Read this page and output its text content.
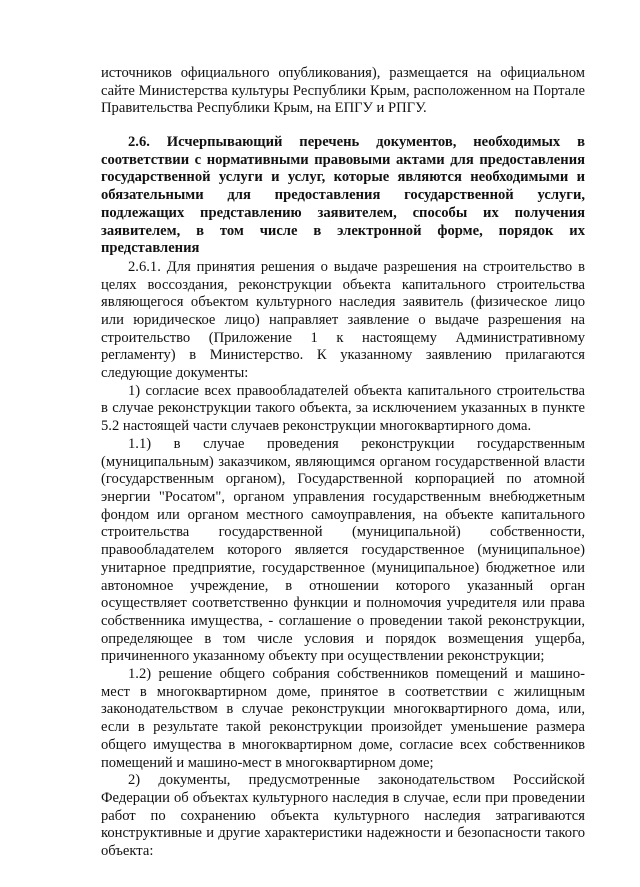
источников официального опубликования), размещается на официальном
сайте Министерства культуры Республики Крым, расположенном на Портале
Правительства Республики Крым, на ЕПГУ и РПГУ.
2.6. Исчерпывающий перечень документов, необходимых в
соответствии с нормативными правовыми актами для предоставления
государственной услуги и услуг, которые являются необходимыми и
обязательными для предоставления государственной услуги,
подлежащих представлению заявителем, способы их получения
заявителем, в том числе в электронной форме, порядок их
представления
2.6.1. Для принятия решения о выдаче разрешения на строительство в
целях воссоздания, реконструкции объекта капитального строительства
являющегося объектом культурного наследия заявитель (физическое лицо
или юридическое лицо) направляет заявление о выдаче разрешения на
строительство (Приложение 1 к настоящему Административному
регламенту) в Министерство. К указанному заявлению прилагаются
следующие документы:
1) согласие всех правообладателей объекта капитального строительства
в случае реконструкции такого объекта, за исключением указанных в пункте
5.2 настоящей части случаев реконструкции многоквартирного дома.
1.1) в случае проведения реконструкции государственным
(муниципальным) заказчиком, являющимся органом государственной власти
(государственным органом), Государственной корпорацией по атомной
энергии "Росатом", органом управления государственным внебюджетным
фондом или органом местного самоуправления, на объекте капитального
строительства государственной (муниципальной) собственности,
правообладателем которого является государственное (муниципальное)
унитарное предприятие, государственное (муниципальное) бюджетное или
автономное учреждение, в отношении которого указанный орган
осуществляет соответственно функции и полномочия учредителя или права
собственника имущества, - соглашение о проведении такой реконструкции,
определяющее в том числе условия и порядок возмещения ущерба,
причиненного указанному объекту при осуществлении реконструкции;
1.2) решение общего собрания собственников помещений и машино-
мест в многоквартирном доме, принятое в соответствии с жилищным
законодательством в случае реконструкции многоквартирного дома, или,
если в результате такой реконструкции произойдет уменьшение размера
общего имущества в многоквартирном доме, согласие всех собственников
помещений и машино-мест в многоквартирном доме;
2) документы, предусмотренные законодательством Российской
Федерации об объектах культурного наследия в случае, если при проведении
работ по сохранению объекта культурного наследия затрагиваются
конструктивные и другие характеристики надежности и безопасности такого
объекта:
